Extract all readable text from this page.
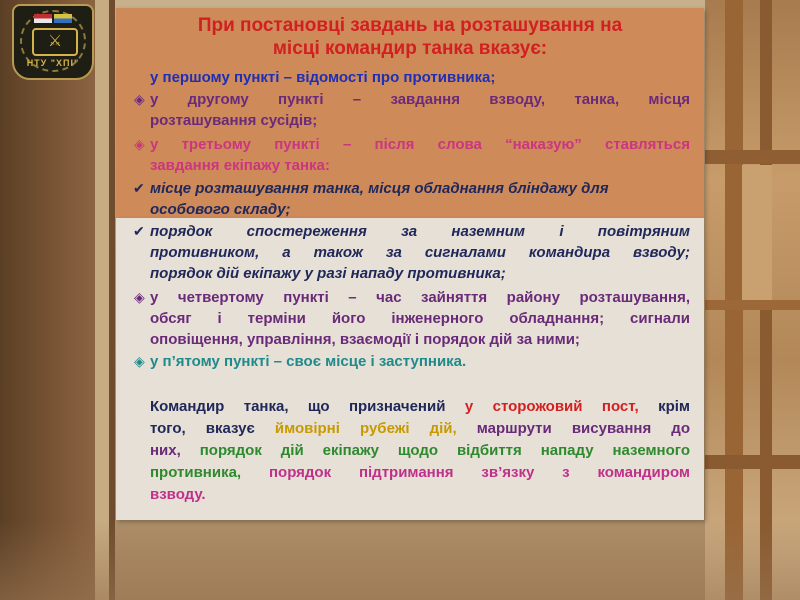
⚔
НТУ "ХПІ"
При постановці завдань на розташування на
місці командир танка вказує:
у першому пункті – відомості про противника;
◈ у другому пункті – завдання взводу, танка, місця
розташування сусідів;
◈ у третьому пункті – після слова “наказую” ставляться
завдання екіпажу танка:
✔ місце розташування танка, місця обладнання бліндажу для
особового складу;
✔ порядок спостереження за наземним і повітряним
противником, а також за сигналами командира взводу;
порядок дій екіпажу у разі нападу противника;
◈ у четвертому пункті – час зайняття району розташування,
обсяг і терміни його інженерного обладнання; сигнали
оповіщення, управління, взаємодії і порядок дій за ними;
◈ у п’ятому пункті – своє місце і заступника.
Командир танка, що призначений у сторожовий пост, крім
того, вказує ймовірні рубежі дій, маршрути висування до
них, порядок дій екіпажу щодо відбиття нападу наземного
противника, порядок підтримання зв’язку з командиром
взводу.
